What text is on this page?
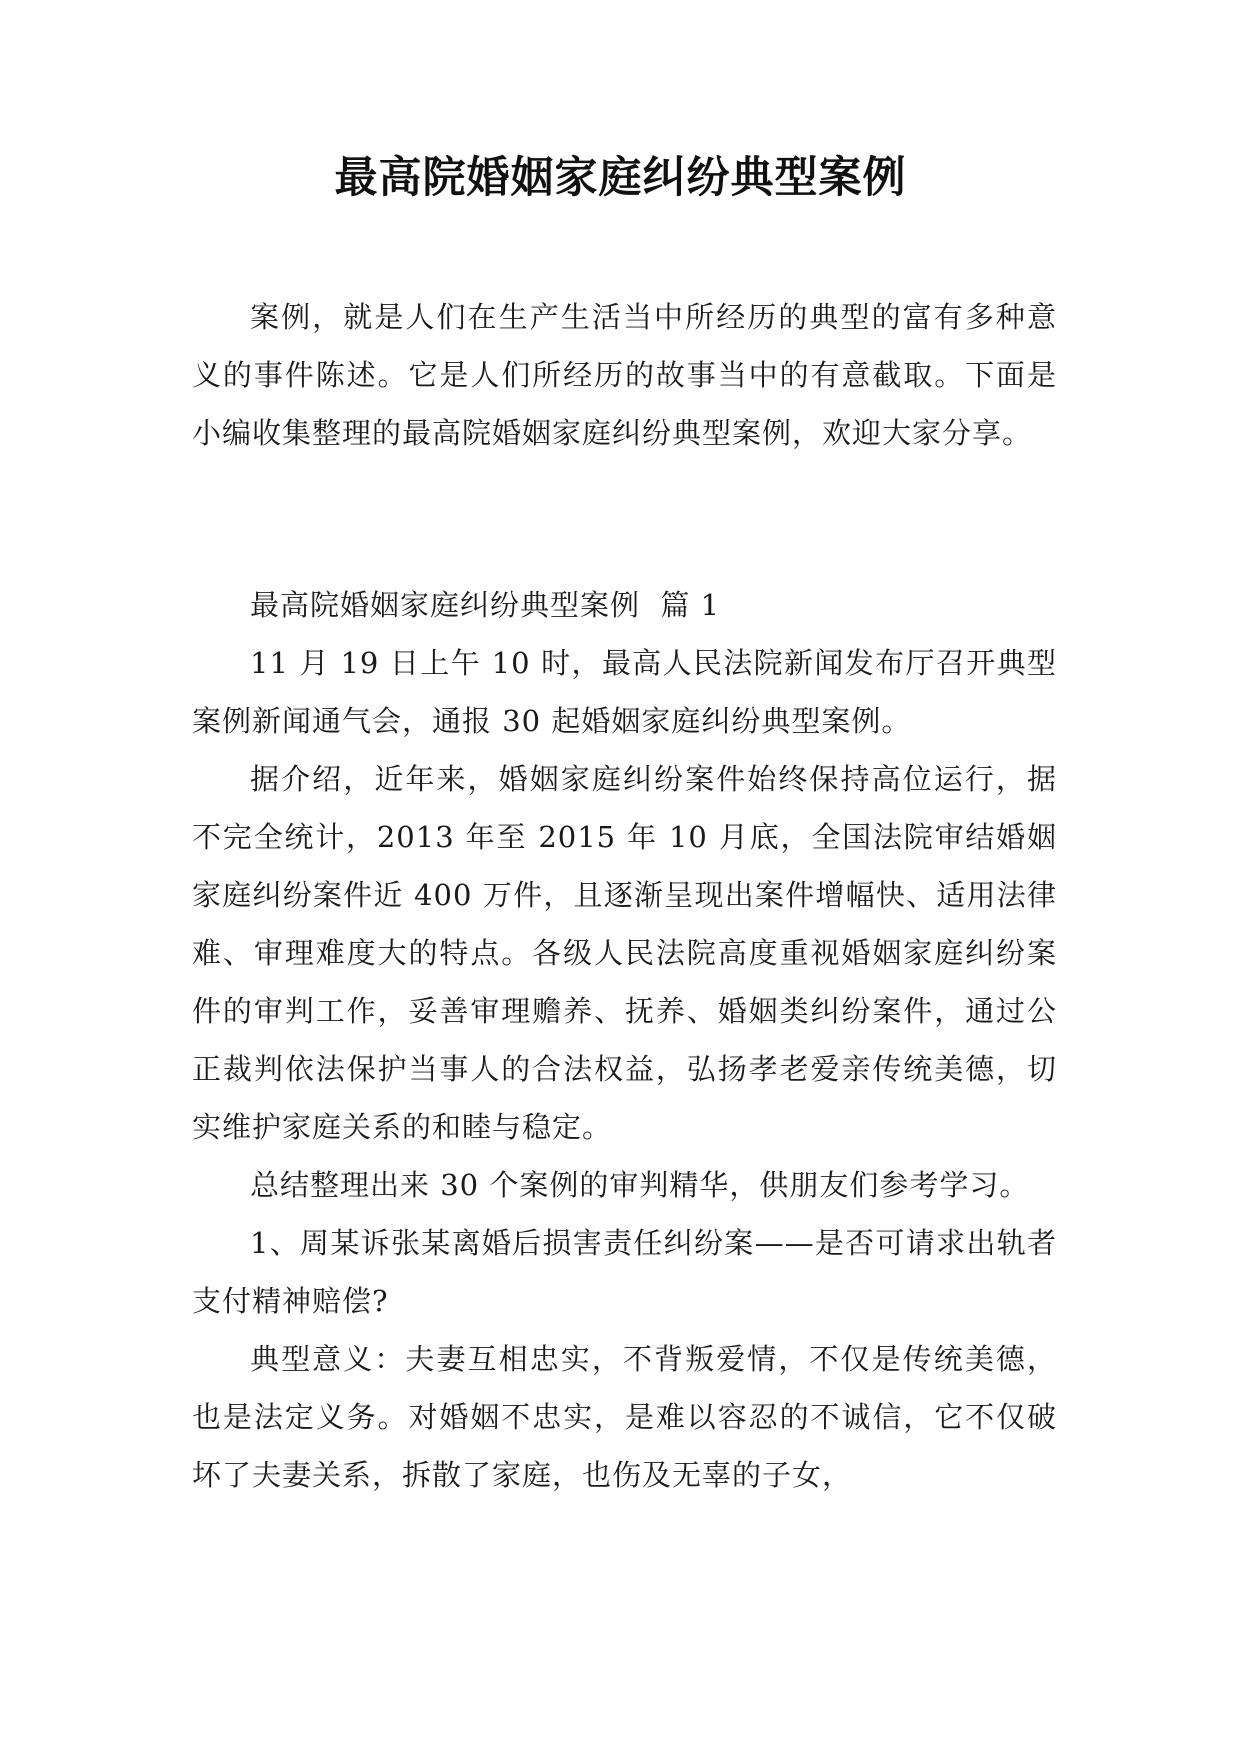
最高院婚姻家庭纠纷典型案例

案例，就是人们在生产生活当中所经历的典型的富有多种意义的事件陈述。它是人们所经历的故事当中的有意截取。下面是小编收集整理的最高院婚姻家庭纠纷典型案例，欢迎大家分享。

最高院婚姻家庭纠纷典型案例  篇 1

11 月 19 日上午 10 时，最高人民法院新闻发布厅召开典型案例新闻通气会，通报 30 起婚姻家庭纠纷典型案例。

据介绍，近年来，婚姻家庭纠纷案件始终保持高位运行，据不完全统计，2013 年至 2015 年 10 月底，全国法院审结婚姻家庭纠纷案件近 400 万件，且逐渐呈现出案件增幅快、适用法律难、审理难度大的特点。各级人民法院高度重视婚姻家庭纠纷案件的审判工作，妥善审理赡养、抚养、婚姻类纠纷案件，通过公正裁判依法保护当事人的合法权益，弘扬孝老爱亲传统美德，切实维护家庭关系的和睦与稳定。

总结整理出来 30 个案例的审判精华，供朋友们参考学习。

1、周某诉张某离婚后损害责任纠纷案——是否可请求出轨者支付精神赔偿?

典型意义：夫妻互相忠实，不背叛爱情，不仅是传统美德，也是法定义务。对婚姻不忠实，是难以容忍的不诚信，它不仅破坏了夫妻关系，拆散了家庭，也伤及无辜的子女，
